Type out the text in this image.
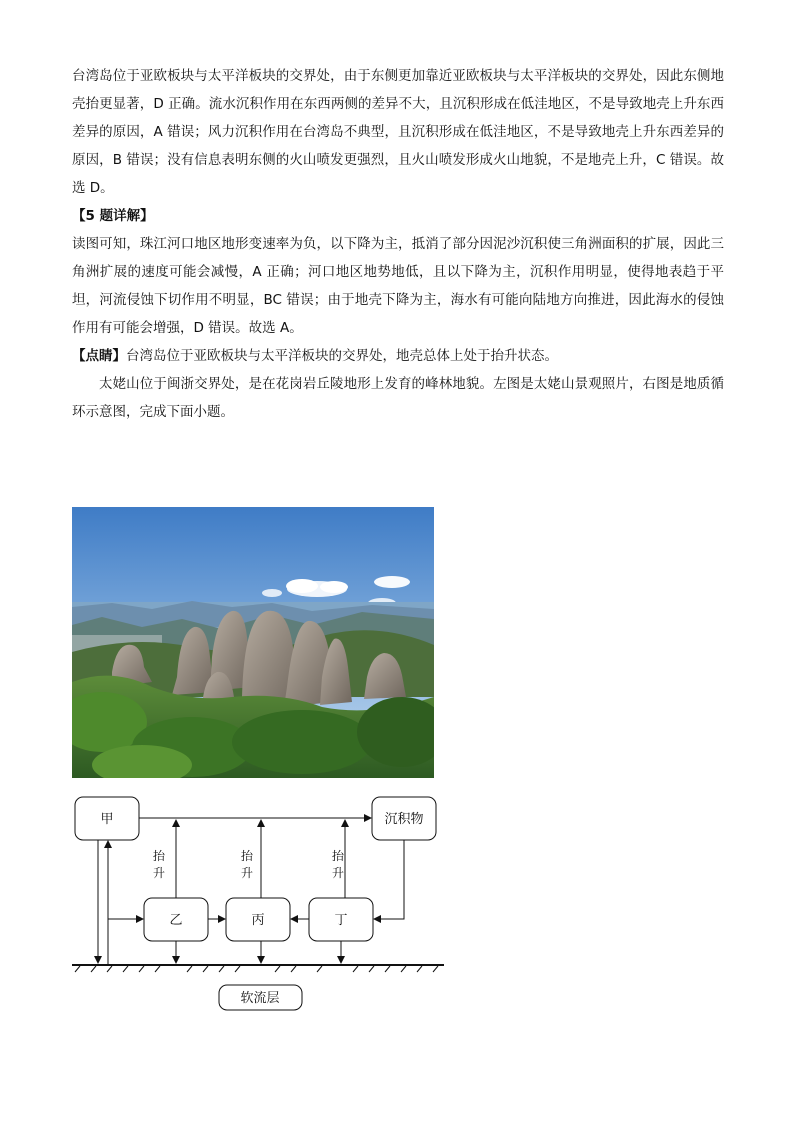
台湾岛位于亚欧板块与太平洋板块的交界处，由于东侧更加靠近亚欧板块与太平洋板块的交界处，因此东侧地壳抬更显著，D 正确。流水沉积作用在东西两侧的差异不大，且沉积形成在低洼地区，不是导致地壳上升东西差异的原因，A 错误；风力沉积作用在台湾岛不典型，且沉积形成在低洼地区，不是导致地壳上升东西差异的原因，B 错误；没有信息表明东侧的火山喷发更强烈，且火山喷发形成火山地貌，不是地壳上升，C 错误。故选 D。

【5 题详解】

读图可知，珠江河口地区地形变速率为负，以下降为主，抵消了部分因泥沙沉积使三角洲面积的扩展，因此三角洲扩展的速度可能会减慢，A 正确；河口地区地势地低，且以下降为主，沉积作用明显，使得地表趋于平坦，河流侵蚀下切作用不明显，BC 错误；由于地壳下降为主，海水有可能向陆地方向推进，因此海水的侵蚀作用有可能会增强，D 错误。故选 A。

【点睛】台湾岛位于亚欧板块与太平洋板块的交界处，地壳总体上处于抬升状态。

太姥山位于闽浙交界处，是在花岗岩丘陵地形上发育的峰林地貌。左图是太姥山景观照片，右图是地质循环示意图，完成下面小题。

甲	沉积物
乙	丙	丁
软流层
抬
升
抬
升
抬
升
